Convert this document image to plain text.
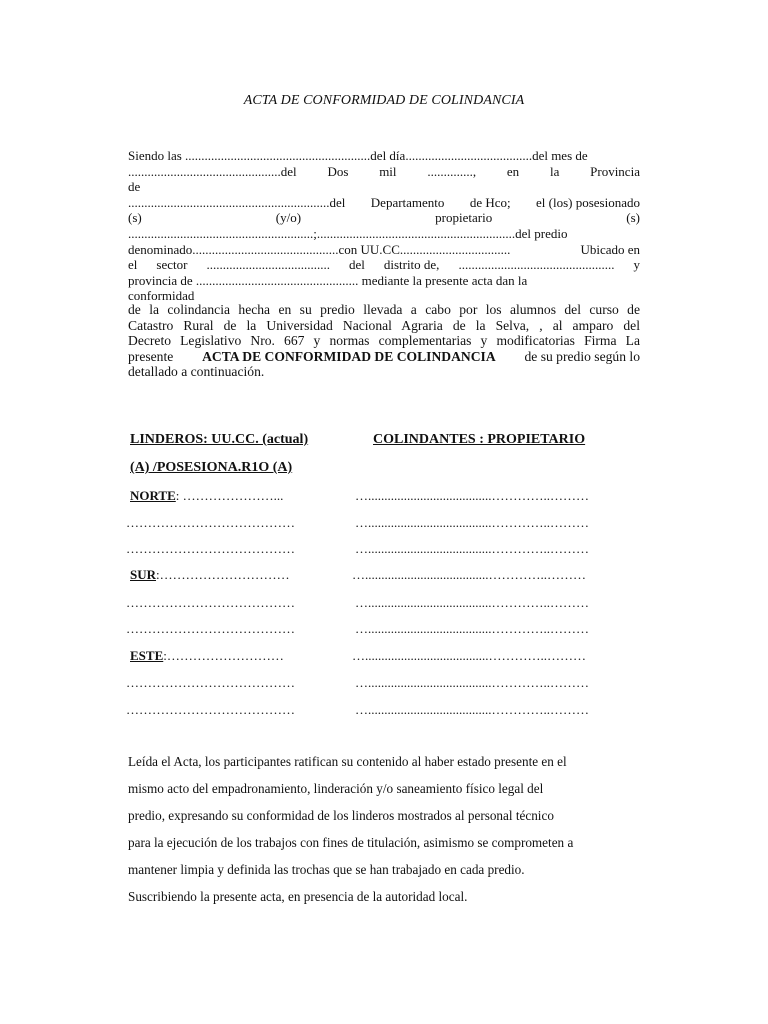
ACTA DE CONFORMIDAD DE COLINDANCIA
Siendo las .........................................................del día.......................................del mes de
...............................................del Dos mil .............., en la Provincia
de
..............................................................del Departamento de Hco; el (los) posesionado
(s)	(y/o)	propietario	(s)
.........................................................;.............................................................del predio
denominado.............................................con UU.CC..................................	Ubicado en
el sector ...................................... del distrito de, ................................................ y
provincia de .................................................. mediante la presente acta dan la
conformidad
de la colindancia hecha en su predio llevada a cabo por los alumnos del curso de
Catastro Rural de la Universidad Nacional Agraria de la Selva, , al amparo del
Decreto Legislativo Nro. 667 y normas complementarias y modificatorias Firma La
presente ACTA DE CONFORMIDAD DE COLINDANCIA de su predio según lo
detallado a continuación.
LINDEROS: UU.CC. (actual)	COLINDANTES : PROPIETARIO
(A) /POSESIONA.R1O (A)
NORTE: …………………...	…......................................…………..………
…………………………………	…......................................…………..………
…………………………………	…......................................…………..………
SUR:…………………………	…......................................…………..………
…………………………………	…......................................…………..………
…………………………………	…......................................…………..………
ESTE:………………………	…......................................…………..………
…………………………………	…......................................…………..………
…………………………………	…......................................…………..………
Leída el Acta, los participantes ratifican su contenido al haber estado presente en el
mismo acto del empadronamiento, linderación y/o saneamiento físico legal del
predio, expresando su conformidad de los linderos mostrados al personal técnico
para la ejecución de los trabajos con fines de titulación, asimismo se comprometen a
mantener limpia y definida las trochas que se han trabajado en cada predio.
Suscribiendo la presente acta, en presencia de la autoridad local.
